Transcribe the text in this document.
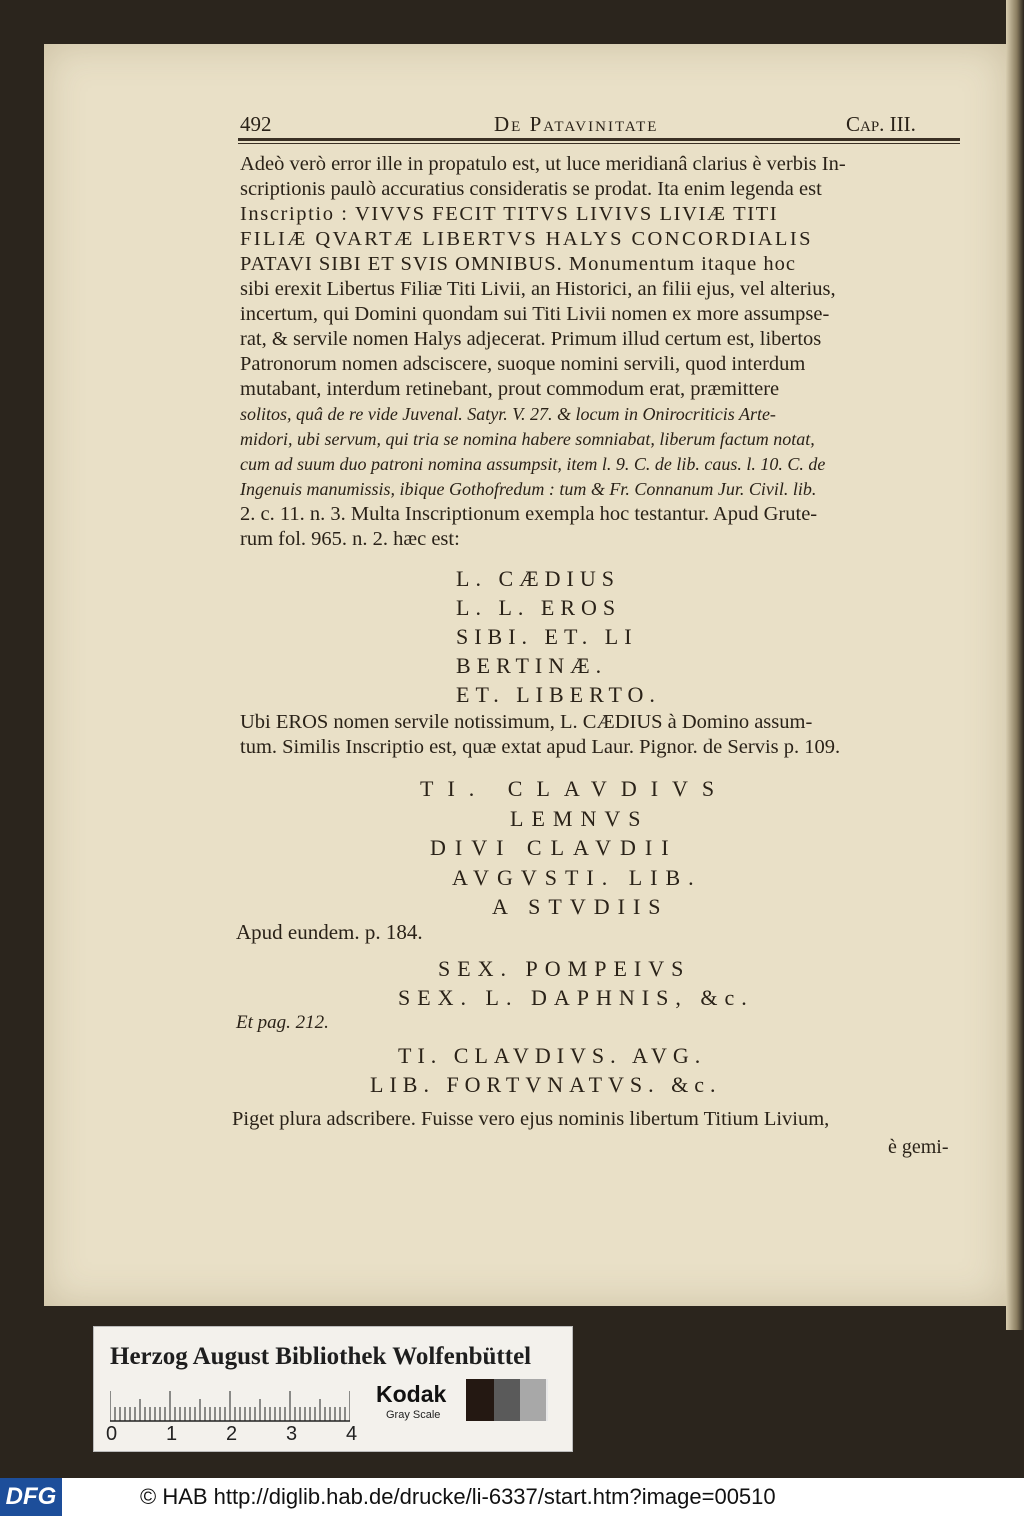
492	De Patavinitate	Cap. III.
Adeò verò error ille in propatulo est, ut luce meridianâ clarius è verbis In-
scriptionis paulò accuratius consideratis se prodat. Ita enim legenda est
Inscriptio : VIVVS FECIT TITVS LIVIVS LIVIÆ TITI
FILIÆ QVARTÆ LIBERTVS HALYS CONCORDIALIS
PATAVI SIBI ET SVIS OMNIBUS. Monumentum itaque hoc
sibi erexit Libertus Filiæ Titi Livii, an Historici, an filii ejus, vel alterius,
incertum, qui Domini quondam sui Titi Livii nomen ex more assumpse-
rat, & servile nomen Halys adjecerat. Primum illud certum est, libertos
Patronorum nomen adsciscere, suoque nomini servili, quod interdum
mutabant, interdum retinebant, prout commodum erat, præmittere
solitos, quâ de re vide Juvenal. Satyr. V. 27. & locum in Onirocriticis Arte-
midori, ubi servum, qui tria se nomina habere somniabat, liberum factum notat,
cum ad suum duo patroni nomina assumpsit, item l. 9. C. de lib. caus. l. 10. C. de
Ingenuis manumissis, ibique Gothofredum : tum & Fr. Connanum Jur. Civil. lib.
2. c. 11. n. 3. Multa Inscriptionum exempla hoc testantur. Apud Grute-
rum fol. 965. n. 2. hæc est:
L. CÆDIUS
L. L. EROS
SIBI. ET. LI
BERTINÆ.
ET. LIBERTO.
Ubi EROS nomen servile notissimum, L. CÆDIUS à Domino assum-
tum. Similis Inscriptio est, quæ extat apud Laur. Pignor. de Servis p. 109.
TI. CLAVDIVS
LEMNVS
DIVI CLAVDII
AVGVSTI. LIB.
A STVDIIS
Apud eundem. p. 184.
SEX. POMPEIVS
SEX. L. DAPHNIS, &c.
Et pag. 212.
TI. CLAVDIVS. AVG.
LIB. FORTVNATVS. &c.
Piget plura adscribere. Fuisse vero ejus nominis libertum Titium Livium,
è gemi-
Herzog August Bibliothek Wolfenbüttel
0 1 2 3 4
Kodak
Gray Scale
DFG	© HAB http://diglib.hab.de/drucke/li-6337/start.htm?image=00510
